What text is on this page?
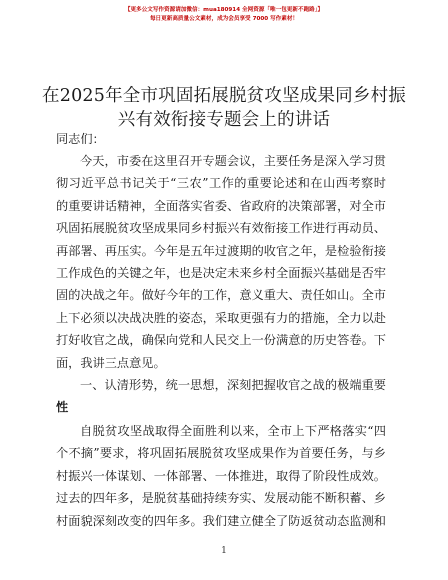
【更多公文写作资源请加微信：mua180914 全网资源「唯一包更新不跑路」】
每日更新高质量公文素材，成为会员享受 7000 写作素材！
在2025年全市巩固拓展脱贫攻坚成果同乡村振
兴有效衔接专题会上的讲话
同志们：
今天，市委在这里召开专题会议，主要任务是深入学习贯
彻习近平总书记关于“三农”工作的重要论述和在山西考察时
的重要讲话精神，全面落实省委、省政府的决策部署，对全市
巩固拓展脱贫攻坚成果同乡村振兴有效衔接工作进行再动员、
再部署、再压实。今年是五年过渡期的收官之年，是检验衔接
工作成色的关键之年，也是决定未来乡村全面振兴基础是否牢
固的决战之年。做好今年的工作，意义重大、责任如山。全市
上下必须以决战决胜的姿态，采取更强有力的措施，全力以赴
打好收官之战，确保向党和人民交上一份满意的历史答卷。下
面，我讲三点意见。
一、认清形势，统一思想，深刻把握收官之战的极端重要
性
自脱贫攻坚战取得全面胜利以来，全市上下严格落实“四
个不摘”要求，将巩固拓展脱贫攻坚成果作为首要任务，与乡
村振兴一体谋划、一体部署、一体推进，取得了阶段性成效。
过去的四年多，是脱贫基础持续夯实、发展动能不断积蓄、乡
村面貌深刻改变的四年多。我们建立健全了防返贫动态监测和
1
